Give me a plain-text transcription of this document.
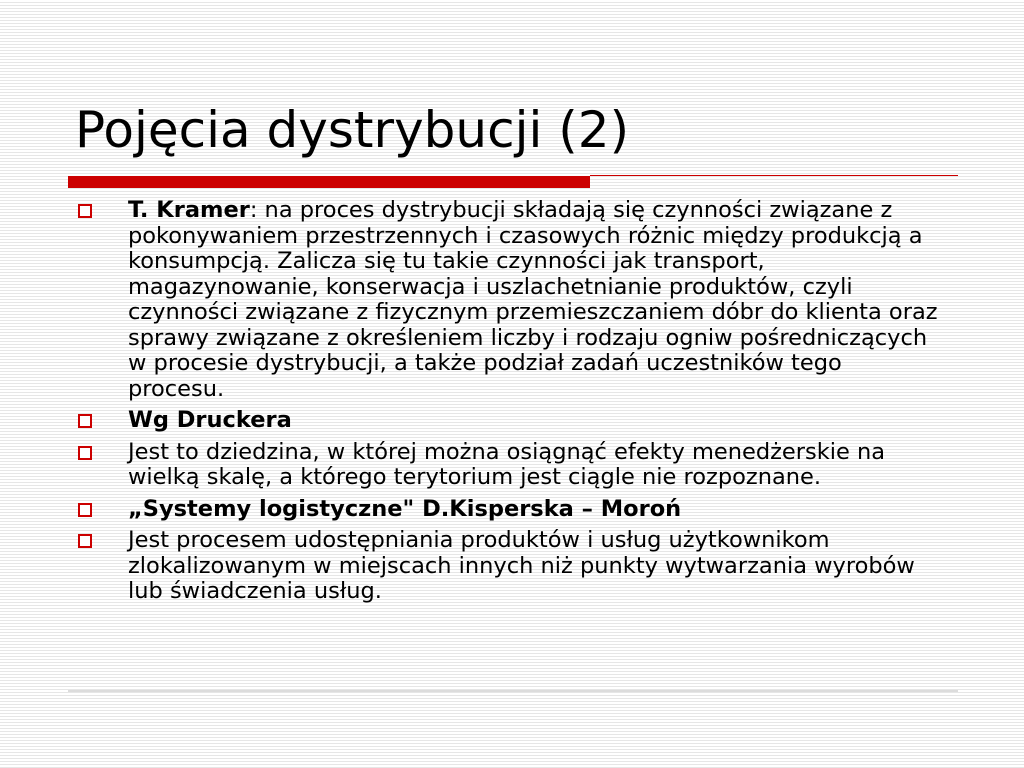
Pojęcia dystrybucji (2)
T. Kramer: na proces dystrybucji składają się czynności związane z pokonywaniem przestrzennych i czasowych różnic między produkcją a konsumpcją. Zalicza się tu takie czynności jak transport, magazynowanie, konserwacja i uszlachetnianie produktów, czyli czynności związane z fizycznym przemieszczaniem dóbr do klienta oraz sprawy związane z określeniem liczby i rodzaju ogniw pośredniczących w procesie dystrybucji, a także podział zadań uczestników tego procesu.
Wg Druckera
Jest to dziedzina, w której można osiągnąć efekty menedżerskie na wielką skalę, a którego terytorium jest ciągle nie rozpoznane.
„Systemy logistyczne" D.Kisperska – Moroń
Jest procesem udostępniania produktów i usług użytkownikom zlokalizowanym w miejscach innych niż punkty wytwarzania wyrobów lub świadczenia usług.
